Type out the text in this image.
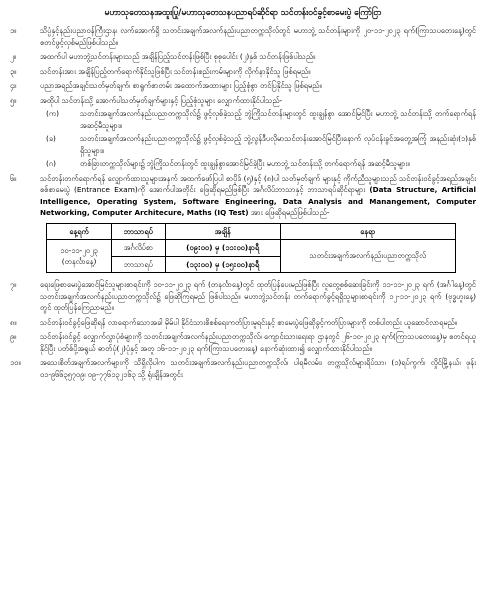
မဟာသုတေသနအထူးပြု/မဟာသုတေသနပညာရပ်ဆိုင်ရာ သင်တန်းဝင်ခွင့်စာမေးပွဲ ကြော်ငြာ
၁။	သိပ္ပံနှင့်နည်းပညာဝန်ကြီးဌာန၊ လက်အောက်ရှိ သတင်းအချက်အလက်နည်းပညာတက္ကသိုလ်တွင် မဟာဘွဲ့ သင်တန်းများကို ၂၀-၁၁-၂၀၂၃ ရက်(ကြာသပတေးနေ့)တွင် စတင်ဖွင့်လှစ်မည်ဖြစ်ပါသည်။
၂။	အထက်ပါ မဟာဘွဲ့သင်တန်းများသည် အချိန်ပြည့်သင်တန်းဖြစ်ပြီး စုစုပေါင်း (၂)နှစ် သင်တန်းဖြစ်ပါသည်။
၃။	သင်တန်းအား အချိန်ပြည့်တက်ရောက်နိုင်သူဖြစ်ပြီး သင်တန်းစည်းကမ်းများကို လိုက်နာနိုင်သူ ဖြစ်ရမည်။
၄။	ပညာအရည်အချင်းသတ်မှတ်ချက်၊ စာရွက်စာတမ်း အထောက်အထားများ ပြည့်စုံစွာ တင်ပြနိုင်သူ ဖြစ်ရမည်။
၅။	အထိုပါ သင်တန်းသို့ အောက်ပါသတ်မှတ်ချက်များနှင့် ပြည့်စုံသူများ လျှောက်ထားနိုင်ပါသည်-
(က)	သတင်းအချက်အလက်နည်းပညာတက္ကသိုလ်၌ ဖွင့်လှစ်ခဲ့သည့် ဘွဲ့ကြိုသင်တန်းများတွင် ထူးချွန်စွာ အောင်မြင်ပြီး မဟာဘွဲ့ သင်တန်းသို့ တက်ရောက်ရန် အဆင့်မီသူများ။
(ခ)	သတင်းအချက်အလက်နည်းပညာတက္ကသိုလ်၌ ဖွင့်လှစ်ခဲ့သည့် ဘွဲ့လွန်ဒီပလိုမာသင်တန်းအောင်မြင်ပြီးနောက် လုပ်ငန်းခွင်အတွေ့အကြုံ အနည်းဆုံး(၁)နှစ်ရှိသူများ။
(ဂ)	တစ်ခြားတက္ကသိုလ်များ၌ ဘွဲ့ကြိုသင်တန်းတွင် ထူးချွန်စွာအောင်မြင်ခဲ့ပြီး မဟာဘွဲ့ သင်တန်းသို့ တက်ရောက်ရန် အဆင့်မီသူများ။
၆။	သင်တန်းတက်ရောက်ရန် လျှောက်ထားသူများအနက် အထက်ဖော်ပြပါ စာပိုဒ် (၅)နှင့် (၈)ပါ သတ်မှတ်ချက် များနှင့် ကိုက်ညီသူများသည် သင်တန်းဝင်ခွင့်အရည်အချင်းစစ်စာမေးပွဲ (Entrance Exam)ကို အောက်ပါအတိုင်း ဖြေဆိုရမည်ဖြစ်ပြီး အင်္ဂလိပ်ဘာသာနှင့် ဘာသာရပ်ဆိုင်ရာများ (Data Structure, Artificial Intelligence, Operating System, Software Engineering, Data Analysis and Manangement, Computer Networking, Computer Architecure, Maths (IQ Test) အား ဖြေဆိုရမည်ဖြစ်ပါသည်-
နေ့ရက်	ဘာသာရပ်	အချိန်	နေရာ

၁၀-၁၁-၂၀၂၃
(တနင်္လာနေ့)	အင်္ဂလိပ်စာ	(၀၉:၀၀) မှ (၁၁:၀၀)နာရီ	သတင်းအချက်အလက်နည်းပညာတက္ကသိုလ်
	ဘာသာရပ်	(၁၃:၀၀) မှ (၁၅:၀၀)နာရီ	
၇။	ရေးဖြေစာမေးပွဲအောင်မြင်သူများစာရင်းကို ၁၀-၁၁-၂၀၂၃ ရက် (တနင်္လာနေ့)တွင် ထုတ်ပြန်ပေးမည်ဖြစ်ပြီး လူတွေ့စစ်ဆေးခြင်းကို ၁၁-၁၁-၂၀၂၃ ရက် (အင်္ဂါနေ့)တွင် သတင်းအချက်အလက်နည်းပညာတက္ကသိုလ်၌ ဖြေဆိုကြရမည် ဖြစ်ပါသည်။ မဟာဘွဲ့သင်တန်း တက်ရောက်ခွင့်ရရှိသူများစာရင်းကို ၁၂-၁၁-၂၀၂၃ ရက် (ဗုဒ္ဓဟူးနေ့) တွင် ထုတ်ပြန်ကြေညာမည်။
၈။	သင်တန်းဝင်ခွင့်ဖြေဆိုရန် လာရောက်သောအခါ မှိမ်ပါ နိုင်ငံသားစိစစ်ရေးကတ်ပြားမူရင်းနှင့် စာမေးပွဲဖြေဆိုခွင့်ကတ်ပြားများကို တစ်ပါတည်း ယူဆောင်လာရမည်။
၉။	သင်တန်းဝင်ခွင့် လျှောက်လွှာပုံစံများကို သတင်းအချက်အလက်နည်းပညာတက္ကသိုလ်၊ ကျောင်းသားရေးရာ ဌာနတွင် ၂၆-၁၀-၂၀၂၃ ရက်(ကြာသပတေးနေ့)မှ စတင်ရယူနိုင်ပြီး ပတ်စ်ပို့အရွယ် ဓာတ်ပုံ(၂)ပုံနှင့် အတူ ၁၆-၁၁-၂၀၂၃ ရက်(ကြာသပတေးနေ့) နောက်ဆုံးထား၍ လျှောက်ထားနိုင်ပါသည်။
၁၀။	အသေးစိတ်အချက်အလက်များကို သိရှိလိုပါက သတင်းအချက်အလက်နည်းပညာတက္ကသိုလ်၊ ပါရမီလမ်း၊ တက္ကသိုလ်များရိပ်သာ၊ (၁)ရပ်ကွက်၊ လှိုင်မြို့နယ်၊ ဖုန်း ၀၁-၉၆၆၃၅၇၀၉၊ ၀၉-၇၇၆၁၃၂၁၆၃ သို့ ရုံးချိန်အတွင်း
